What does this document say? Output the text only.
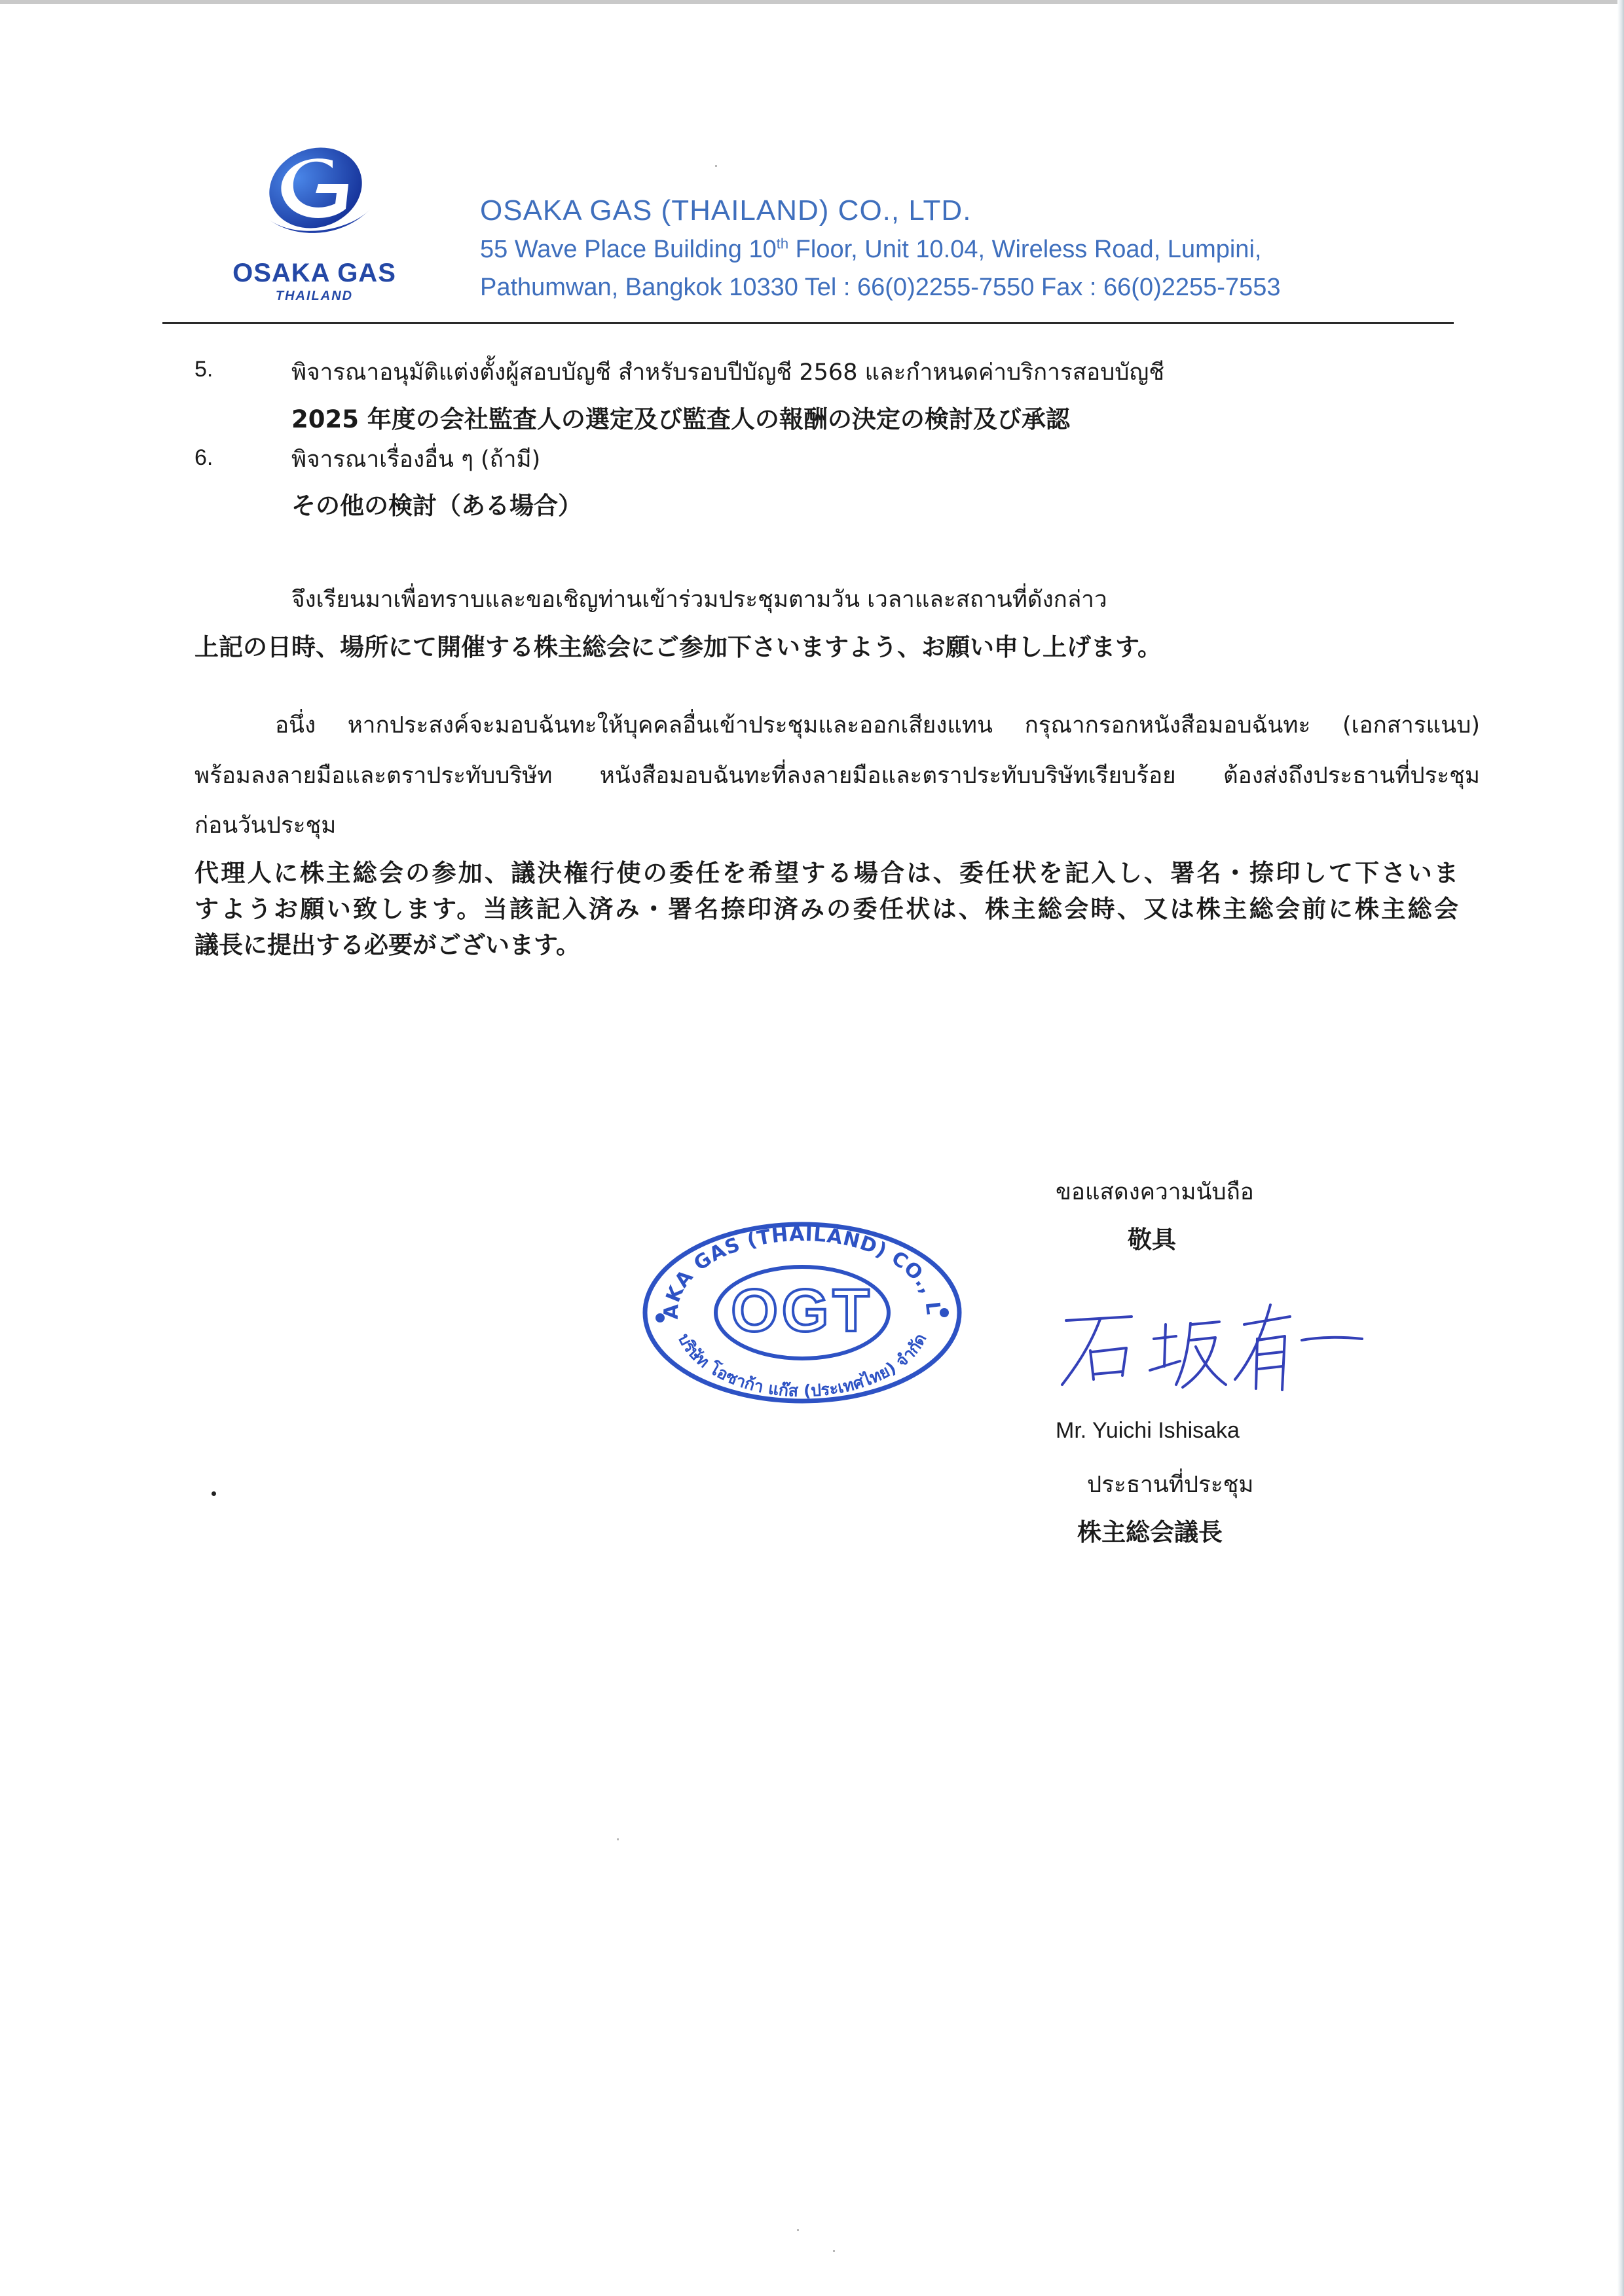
OSAKA GAS
THAILAND
OSAKA GAS (THAILAND) CO., LTD.
55 Wave Place Building 10th Floor, Unit 10.04, Wireless Road, Lumpini,
Pathumwan, Bangkok 10330 Tel : 66(0)2255-7550 Fax : 66(0)2255-7553
5.	พิจารณาอนุมัติแต่งตั้งผู้สอบบัญชี สำหรับรอบปีบัญชี 2568 และกำหนดค่าบริการสอบบัญชี
2025 年度の会社監査人の選定及び監査人の報酬の決定の検討及び承認
6.	พิจารณาเรื่องอื่น ๆ (ถ้ามี)
その他の検討（ある場合）
จึงเรียนมาเพื่อทราบและขอเชิญท่านเข้าร่วมประชุมตามวัน เวลาและสถานที่ดังกล่าว
上記の日時、場所にて開催する株主総会にご参加下さいますよう、お願い申し上げます。
อนึ่ง หากประสงค์จะมอบฉันทะให้บุคคลอื่นเข้าประชุมและออกเสียงแทน กรุณากรอกหนังสือมอบฉันทะ (เอกสารแนบ)
พร้อมลงลายมือและตราประทับบริษัท หนังสือมอบฉันทะที่ลงลายมือและตราประทับบริษัทเรียบร้อย ต้องส่งถึงประธานที่ประชุม
ก่อนวันประชุม
代理人に株主総会の参加、議決権行使の委任を希望する場合は、委任状を記入し、署名・捺印して下さいま
すようお願い致します。当該記入済み・署名捺印済みの委任状は、株主総会時、又は株主総会前に株主総会
議長に提出する必要がございます。
AKA GAS (THAILAND) CO., L
OGT
บริษัท โอซาก้า แก๊ส (ประเทศไทย) จำกัด
ขอแสดงความนับถือ
敬具
Mr. Yuichi Ishisaka
ประธานที่ประชุม
株主総会議長
